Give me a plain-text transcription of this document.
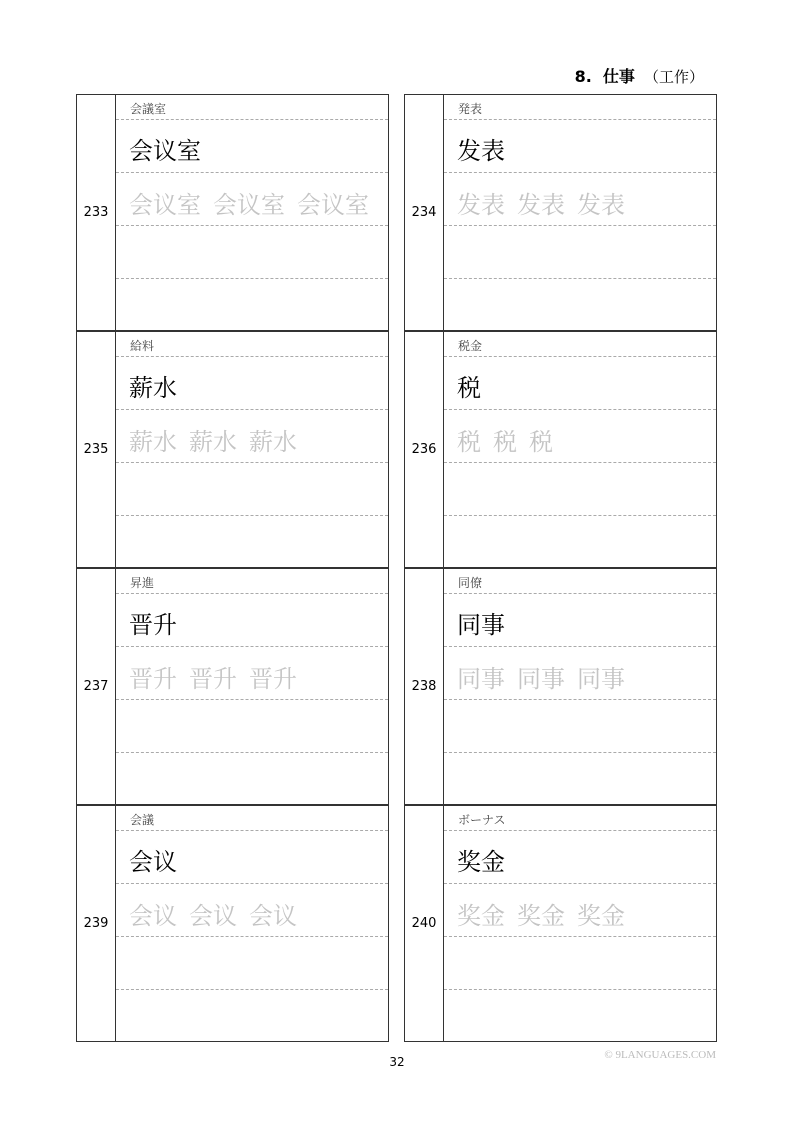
8. 仕事 （工作）
233
会議室
会议室
会议室 会议室 会议室	234
発表
发表
发表 发表 发表
235
給料
薪水
薪水 薪水 薪水	236
税金
税
税 税 税
237
昇進
晋升
晋升 晋升 晋升	238
同僚
同事
同事 同事 同事
239
会議
会议
会议 会议 会议	240
ボーナス
奖金
奖金 奖金 奖金
32	© 9LANGUAGES.COM
